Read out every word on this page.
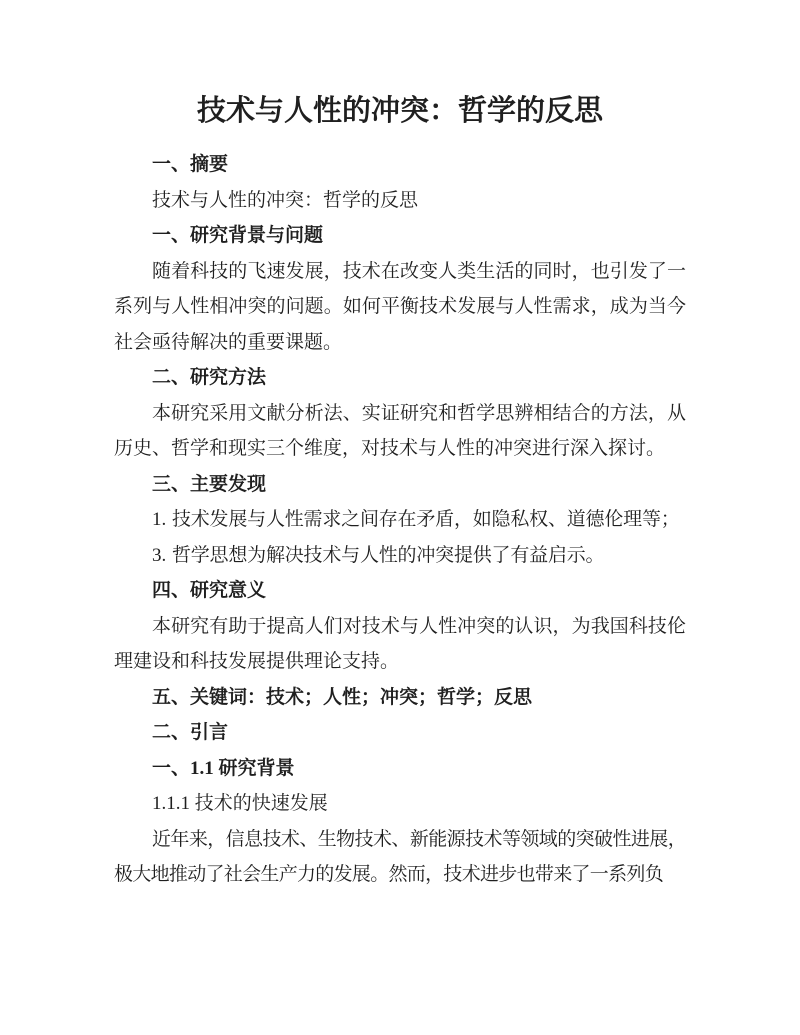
技术与人性的冲突：哲学的反思

一、摘要

技术与人性的冲突：哲学的反思

一、研究背景与问题

随着科技的飞速发展，技术在改变人类生活的同时，也引发了一系列与人性相冲突的问题。如何平衡技术发展与人性需求，成为当今社会亟待解决的重要课题。

二、研究方法

本研究采用文献分析法、实证研究和哲学思辨相结合的方法，从历史、哲学和现实三个维度，对技术与人性的冲突进行深入探讨。

三、主要发现

1. 技术发展与人性需求之间存在矛盾，如隐私权、道德伦理等；

3. 哲学思想为解决技术与人性的冲突提供了有益启示。

四、研究意义

本研究有助于提高人们对技术与人性冲突的认识，为我国科技伦理建设和科技发展提供理论支持。

五、关键词：技术；人性；冲突；哲学；反思

二、引言

一、1.1 研究背景

1.1.1 技术的快速发展

近年来，信息技术、生物技术、新能源技术等领域的突破性进展，极大地推动了社会生产力的发展。然而，技术进步也带来了一系列负
